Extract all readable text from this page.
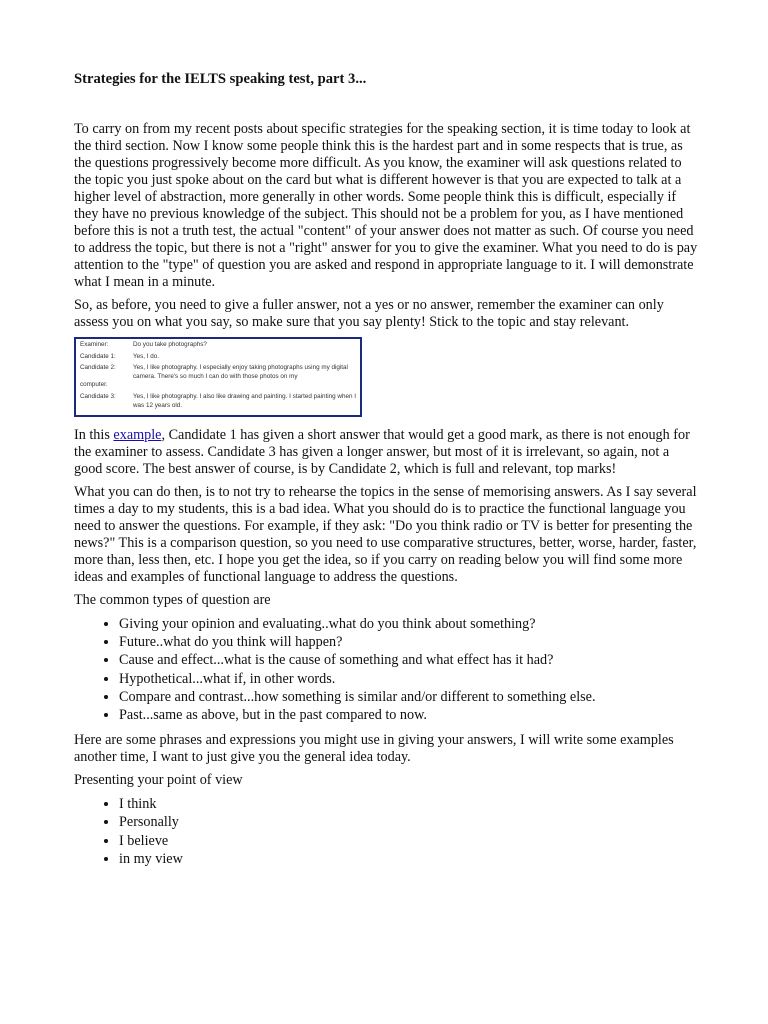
Strategies for the IELTS speaking test, part 3...

To carry on from my recent posts about specific strategies for the speaking section, it is time today to look at the third section. Now I know some people think this is the hardest part and in some respects that is true, as the questions progressively become more difficult. As you know, the examiner will ask questions related to the topic you just spoke about on the card but what is different however is that you are expected to talk at a higher level of abstraction, more generally in other words. Some people think this is difficult, especially if they have no previous knowledge of the subject. This should not be a problem for you, as I have mentioned before this is not a truth test, the actual "content" of your answer does not matter as such. Of course you need to address the topic, but there is not a "right" answer for you to give the examiner. What you need to do is pay attention to the "type" of question you are asked and respond in appropriate language to it. I will demonstrate what I mean in a minute.

So, as before, you need to give a fuller answer, not a yes or no answer, remember the examiner can only assess you on what you say, so make sure that you say plenty! Stick to the topic and stay relevant.

Examiner:	Do you take photographs?
Candidate 1:	Yes, I do.
Candidate 2:	Yes, I like photography. I especially enjoy taking photographs using my digital camera. There's so much I can do with those photos on my
computer.
Candidate 3:	Yes, I like photography. I also like drawing and painting. I started painting when I was 12 years old.

In this example, Candidate 1 has given a short answer that would get a good mark, as there is not enough for the examiner to assess. Candidate 3 has given a longer answer, but most of it is irrelevant, so again, not a good score. The best answer of course, is by Candidate 2, which is full and relevant, top marks!

What you can do then, is to not try to rehearse the topics in the sense of memorising answers. As I say several times a day to my students, this is a bad idea. What you should do is to practice the functional language you need to answer the questions. For example, if they ask: "Do you think radio or TV is better for presenting the news?" This is a comparison question, so you need to use comparative structures, better, worse, harder, faster, more than, less then, etc. I hope you get the idea, so if you carry on reading below you will find some more ideas and examples of functional language to address the questions.

The common types of question are

• Giving your opinion and evaluating..what do you think about something?
• Future..what do you think will happen?
• Cause and effect...what is the cause of something and what effect has it had?
• Hypothetical...what if, in other words.
• Compare and contrast...how something is similar and/or different to something else.
• Past...same as above, but in the past compared to now.

Here are some phrases and expressions you might use in giving your answers, I will write some examples another time, I want to just give you the general idea today.

Presenting your point of view

• I think
• Personally
• I believe
• in my view
